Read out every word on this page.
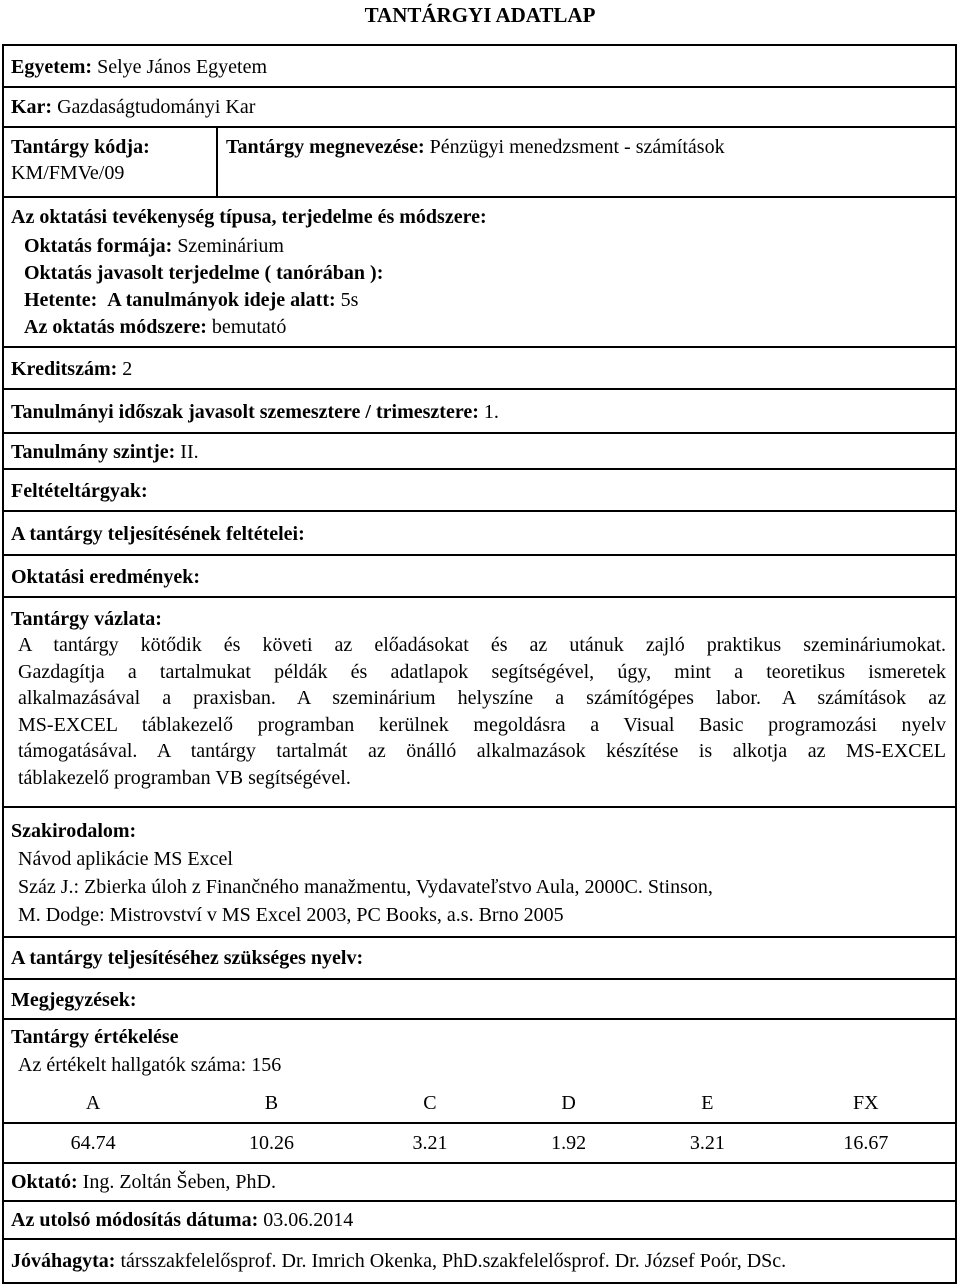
TANTÁRGYI ADATLAP
Egyetem: Selye János Egyetem
Kar: Gazdaságtudományi Kar
Tantárgy kódja:
KM/FMVe/09
Tantárgy megnevezése: Pénzügyi menedzsment - számítások
Az oktatási tevékenység típusa, terjedelme és módszere:
Oktatás formája: Szeminárium
Oktatás javasolt terjedelme ( tanórában ):
Hetente: A tanulmányok ideje alatt: 5s
Az oktatás módszere: bemutató
Kreditszám: 2
Tanulmányi időszak javasolt szemesztere / trimesztere: 1.
Tanulmány szintje: II.
Feltételtárgyak:
A tantárgy teljesítésének feltételei:
Oktatási eredmények:
Tantárgy vázlata:
A tantárgy kötődik és követi az előadásokat és az utánuk zajló praktikus szemináriumokat.
Gazdagítja a tartalmukat példák és adatlapok segítségével, úgy, mint a teoretikus ismeretek
alkalmazásával a praxisban. A szeminárium helyszíne a számítógépes labor. A számítások az
MS-EXCEL táblakezelő programban kerülnek megoldásra a Visual Basic programozási nyelv
támogatásával. A tantárgy tartalmát az önálló alkalmazások készítése is alkotja az MS-EXCEL
táblakezelő programban VB segítségével.
Szakirodalom:
Návod aplikácie MS Excel
Száz J.: Zbierka úloh z Finančného manažmentu, Vydavateľstvo Aula, 2000C. Stinson,
M. Dodge: Mistrovství v MS Excel 2003, PC Books, a.s. Brno 2005
A tantárgy teljesítéséhez szükséges nyelv:
Megjegyzések:
Tantárgy értékelése
Az értékelt hallgatók száma: 156
A	B	C	D	E	FX
64.74	10.26	3.21	1.92	3.21	16.67
Oktató: Ing. Zoltán Šeben, PhD.
Az utolsó módosítás dátuma: 03.06.2014
Jóváhagyta: társszakfelelősprof. Dr. Imrich Okenka, PhD.szakfelelősprof. Dr. József Poór, DSc.
